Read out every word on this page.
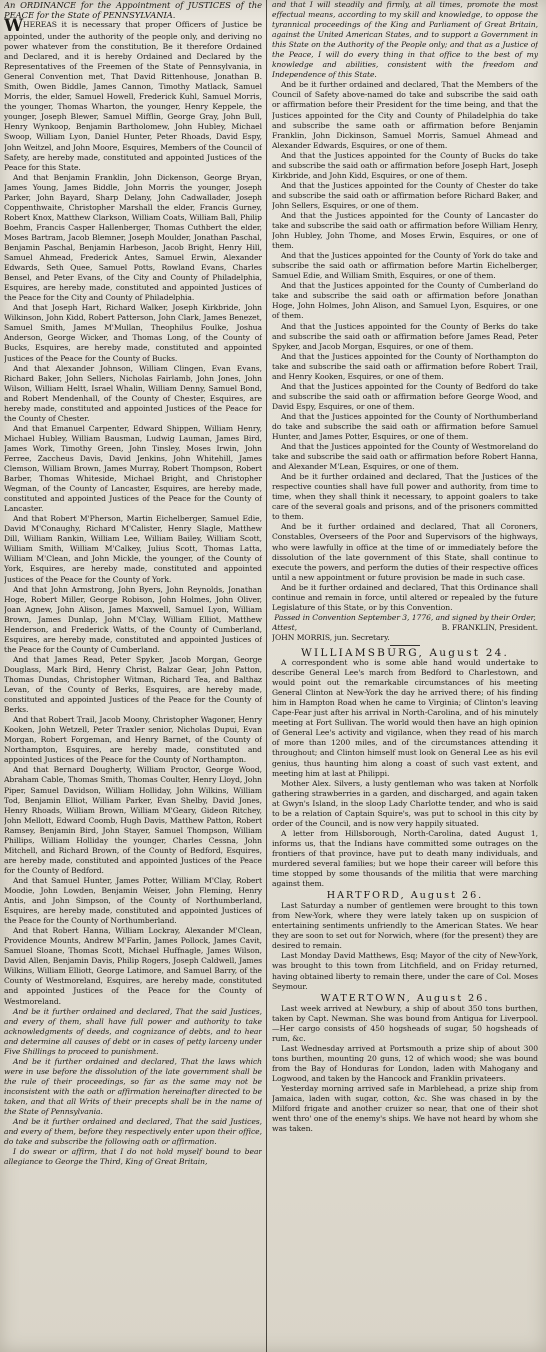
An ORDINANCE for the Appointment of JUSTICES of the PEACE for the State of PENNSYLVANIA.

WHEREAS it is necessary that proper Officers of Justice be appointed, under the authority of the people only, and deriving no power whatever from the constitution, Be it therefore Ordained and Declared, and it is hereby Ordained and Declared by the Representatives of the Freemen of the State of Pennsylvania, in General Convention met, That David Rittenhouse, Jonathan B. Smith, Owen Biddle, James Cannon, Timothy Matlack, Samuel Morris, the elder, Samuel Howell, Frederick Kuhl, Samuel Morris, the younger, Thomas Wharton, the younger, Henry Keppele, the younger, Joseph Blewer, Samuel Mifflin, George Gray, John Bull, Henry Wynkoop, Benjamin Bartholomew, John Hubley, Michael Swoop, William Lyon, Daniel Hunter, Peter Rhoads, David Espy, John Weitzel, and John Moore, Esquires, Members of the Council of Safety, are hereby made, constituted and appointed Justices of the Peace for this State.

And that Benjamin Franklin, John Dickenson, George Bryan, James Young, James Biddle, John Morris the younger, Joseph Parker, John Bayard, Sharp Delany, John Cadwallader, Joseph Coppenthwaite, Christopher Marshall the elder, Francis Gurney, Robert Knox, Matthew Clarkson, William Coats, William Ball, Philip Boehm, Francis Casper Hallenberger, Thomas Cuthbert the elder, Moses Bartram, Jacob Blemner, Joseph Moulder, Jonathan Paschal, Benjamin Paschal, Benjamin Harbeson, Jacob Bright, Henry Hill, Samuel Ahmead, Frederick Antes, Samuel Erwin, Alexander Edwards, Seth Quee, Samuel Potts, Rowland Evans, Charles Bensel, and Peter Evans, of the City and County of Philadelphia, Esquires, are hereby made, constituted and appointed Justices of the Peace for the City and County of Philadelphia.

And that Joseph Hart, Richard Walker, Joseph Kirkbride, John Wilkinson, John Kidd, Robert Patterson, John Clark, James Benezet, Samuel Smith, James M'Mullan, Theophilus Foulke, Joshua Anderson, George Wicker, and Thomas Long, of the County of Bucks, Esquires, are hereby made, constituted and appointed Justices of the Peace for the County of Bucks.

And that Alexander Johnson, William Clingen, Evan Evans, Richard Baker, John Sellers, Nicholas Fairlamb, John Jones, John Wilson, William Heltt, Israel Whalin, William Denny, Samuel Bond, and Robert Mendenhall, of the County of Chester, Esquires, are hereby made, constituted and appointed Justices of the Peace for the County of Chester.

And that Emanuel Carpenter, Edward Shippen, William Henry, Michael Hubley, William Bausman, Ludwig Lauman, James Bird, James Work, Timothy Green, John Tinsley, Moses Irwin, John Ferree, Zaccheus Davis, David Jenkins, John Whitehill, James Clemson, William Brown, James Murray, Robert Thompson, Robert Barber, Thomas Whiteside, Michael Bright, and Christopher Wegman, of the County of Lancaster, Esquires, are hereby made, constituted and appointed Justices of the Peace for the County of Lancaster.

And that Robert M'Pherson, Martin Eichelberger, Samuel Edie, David M'Conaughy, Richard M'Calister, Henry Slagle, Matthew Dill, William Rankin, William Lee, William Bailey, William Scott, William Smith, William M'Calkey, Julius Scott, Thomas Latta, William M'Clean, and John Mickle, the younger, of the County of York, Esquires, are hereby made, constituted and appointed Justices of the Peace for the County of York.

And that John Armstrong, John Byers, John Reynolds, Jonathan Hoge, Robert Miller, George Robison, John Holmes, John Oliver, Joan Agnew, John Alison, James Maxwell, Samuel Lyon, William Brown, James Dunlap, John M'Clay, William Elliot, Matthew Henderson, and Frederick Watts, of the County of Cumberland, Esquires, are hereby made, constituted and appointed Justices of the Peace for the County of Cumberland.

And that James Read, Peter Spyker, Jacob Morgan, George Douglass, Mark Bird, Henry Christ, Balzar Gear, John Patton, Thomas Dundas, Christopher Witman, Richard Tea, and Balthaz Levan, of the County of Berks, Esquires, are hereby made, constituted and appointed Justices of the Peace for the County of Berks.

And that Robert Trail, Jacob Moony, Christopher Wagoner, Henry Kooken, John Wetzell, Peter Traxler senior, Nicholas Dupui, Evan Morgan, Robert Forgeman, and Henry Barnet, of the County of Northampton, Esquires, are hereby made, constituted and appointed Justices of the Peace for the County of Northampton.

And that Bernard Dougherty, William Proctor, George Wood, Abraham Cable, Thomas Smith, Thomas Coulter, Henry Lloyd, John Piper, Samuel Davidson, William Holliday, John Wilkins, William Tod, Benjamin Elliot, William Parker, Evan Shelby, David Jones, Henry Rhoads, William Brown, William M'Geary, Gideon Ritchey, John Mellott, Edward Coomb, Hugh Davis, Matthew Patton, Robert Ramsey, Benjamin Bird, John Stayer, Samuel Thompson, William Phillips, William Holliday the younger, Charles Cessna, John Mitchell, and Richard Brown, of the County of Bedford, Esquires, are hereby made, constituted and appointed Justices of the Peace for the County of Bedford.

And that Samuel Hunter, James Potter, William M'Clay, Robert Moodie, John Lowden, Benjamin Weiser, John Fleming, Henry Antis, and John Simpson, of the County of Northumberland, Esquires, are hereby made, constituted and appointed Justices of the Peace for the County of Northumberland.

And that Robert Hanna, William Lockray, Alexander M'Clean, Providence Mounts, Andrew M'Farlin, James Pollock, James Cavit, Samuel Sloane, Thomas Scott, Michael Huffnagle, James Wilson, David Allen, Benjamin Davis, Philip Rogers, Joseph Caldwell, James Wilkins, William Elliott, George Latimore, and Samuel Barry, of the County of Westmoreland, Esquires, are hereby made, constituted and appointed Justices of the Peace for the County of Westmoreland.

And be it further ordained and declared, That the said Justices, and every of them, shall have full power and authority to take acknowledgments of deeds, and cognizance of debts, and to hear and determine all causes of debt or in cases of petty larceny under Five Shillings to proceed to punishment.

And be it further ordained and declared, That the laws which were in use before the dissolution of the late government shall be the rule of their proceedings, so far as the same may not be inconsistent with the oath or affirmation hereinafter directed to be taken, and that all Writs of their precepts shall be in the name of the State of Pennsylvania.

And be it further ordained and declared, That the said Justices, and every of them, before they respectively enter upon their office, do take and subscribe the following oath or affirmation.

I do swear or affirm, that I do not hold myself bound to bear allegiance to George the Third, King of Great Britain,

and that I will steadily and firmly, at all times, promote the most effectual means, according to my skill and knowledge, to oppose the tyrannical proceedings of the King and Parliament of Great Britain, against the United American States, and to support a Government in this State on the Authority of the People only; and that as a Justice of the Peace, I will do every thing in that office to the best of my knowledge and abilities, consistent with the freedom and Independence of this State.

And be it further ordained and declared, That the Members of the Council of Safety above-named do take and subscribe the said oath or affirmation before their President for the time being, and that the Justices appointed for the City and County of Philadelphia do take and subscribe the same oath or affirmation before Benjamin Franklin, John Dickinson, Samuel Morris, Samuel Ahmead and Alexander Edwards, Esquires, or one of them.

And that the Justices appointed for the County of Bucks do take and subscribe the said oath or affirmation before Joseph Hart, Joseph Kirkbride, and John Kidd, Esquires, or one of them.

And that the Justices appointed for the County of Chester do take and subscribe the said oath or affirmation before Richard Baker, and John Sellers, Esquires, or one of them.

And that the Justices appointed for the County of Lancaster do take and subscribe the said oath or affirmation before William Henry, John Hubley, John Thome, and Moses Erwin, Esquires, or one of them.

And that the Justices appointed for the County of York do take and subscribe the said oath or affirmation before Martin Eichelberger, Samuel Edie, and William Smith, Esquires, or one of them.

And that the Justices appointed for the County of Cumberland do take and subscribe the said oath or affirmation before Jonathan Hoge, John Holmes, John Alison, and Samuel Lyon, Esquires, or one of them.

And that the Justices appointed for the County of Berks do take and subscribe the said oath or affirmation before James Read, Peter Spyker, and Jacob Morgan, Esquires, or one of them.

And that the Justices appointed for the County of Northampton do take and subscribe the said oath or affirmation before Robert Trail, and Henry Kooken, Esquires, or one of them.

And that the Justices appointed for the County of Bedford do take and subscribe the said oath or affirmation before George Wood, and David Espy, Esquires, or one of them.

And that the Justices appointed for the County of Northumberland do take and subscribe the said oath or affirmation before Samuel Hunter, and James Potter, Esquires, or one of them.

And that the Justices appointed for the County of Westmoreland do take and subscribe the said oath or affirmation before Robert Hanna, and Alexander M'Lean, Esquires, or one of them.

And be it further ordained and declared, That the Justices of the respective counties shall have full power and authority, from time to time, when they shall think it necessary, to appoint goalers to take care of the several goals and prisons, and of the prisoners committed to them.

And be it further ordained and declared, That all Coroners, Constables, Overseers of the Poor and Supervisors of the highways, who were lawfully in office at the time of or immediately before the dissolution of the late government of this State, shall continue to execute the powers, and perform the duties of their respective offices until a new appointment or future provision be made in such case.

And be it further ordained and declared, That this Ordinance shall continue and remain in force, until altered or repealed by the future Legislature of this State, or by this Convention.

Passed in Convention September 3, 1776, and signed by their Order,

Attest,	B. FRANKLIN, President.

JOHN MORRIS, jun. Secretary.

WILLIAMSBURG, August 24.

A correspondent who is some able hand would undertake to describe General Lee's march from Bedford to Charlestown, and would point out the remarkable circumstances of his meeting General Clinton at New-York the day he arrived there; of his finding him in Hampton Road when he came to Virginia; of Clinton's leaving Cape-Fear just after his arrival in North-Carolina, and of his minutely meeting at Fort Sullivan. The world would then have an high opinion of General Lee's activity and vigilance, when they read of his march of more than 1200 miles, and of the circumstances attending it throughout; and Clinton himself must look on General Lee as his evil genius, thus haunting him along a coast of such vast extent, and meeting him at last at Philippi.

Mother Alex. Silvers, a lusty gentleman who was taken at Norfolk gathering strawberries in a garden, and discharged, and again taken at Gwyn's Island, in the sloop Lady Charlotte tender, and who is said to be a relation of Captain Squire's, was put to school in this city by order of the Council, and is now very happily situated.

A letter from Hillsborough, North-Carolina, dated August 1, informs us, that the Indians have committed some outrages on the frontiers of that province, have put to death many individuals, and murdered several families; but we hope their career will before this time stopped by some thousands of the militia that were marching against them.

HARTFORD, August 26.

Last Saturday a number of gentlemen were brought to this town from New-York, where they were lately taken up on suspicion of entertaining sentiments unfriendly to the American States. We hear they are soon to set out for Norwich, where (for the present) they are desired to remain.

Last Monday David Matthews, Esq; Mayor of the city of New-York, was brought to this town from Litchfield, and on Friday returned, having obtained liberty to remain there, under the care of Col. Moses Seymour.

WATERTOWN, August 26.

Last week arrived at Newbury, a ship of about 350 tons burthen, taken by Capt. Newman. She was bound from Antigua for Liverpool.—Her cargo consists of 450 hogsheads of sugar, 50 hogsheads of rum, &c.

Last Wednesday arrived at Portsmouth a prize ship of about 300 tons burthen, mounting 20 guns, 12 of which wood; she was bound from the Bay of Honduras for London, laden with Mahogany and Logwood, and taken by the Hancock and Franklin privateers.

Yesterday morning arrived safe in Marblehead, a prize ship from Jamaica, laden with sugar, cotton, &c. She was chased in by the Milford frigate and another cruizer so near, that one of their shot went thro' one of the enemy's ships. We have not heard by whom she was taken.
